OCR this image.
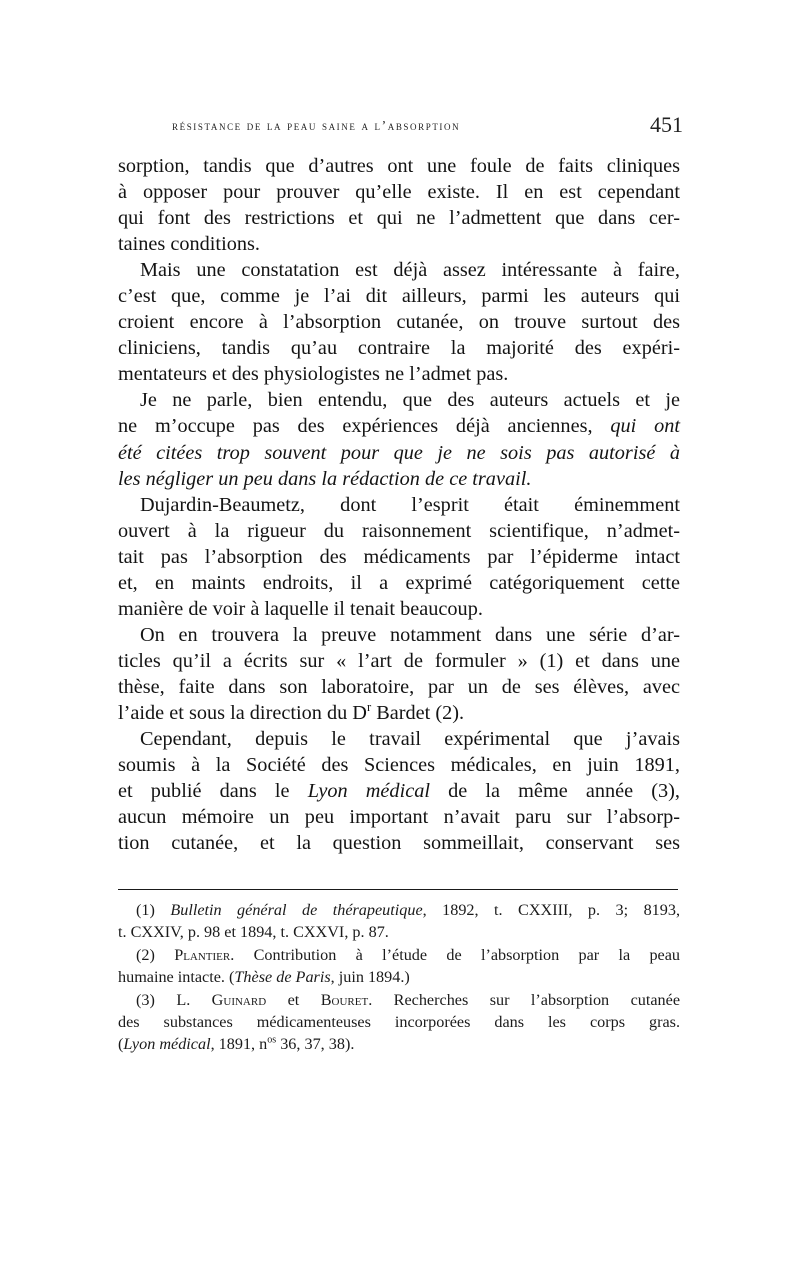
résistance de la peau saine a l’absorption	451

sorption, tandis que d’autres ont une foule de faits cliniques
à opposer pour prouver qu’elle existe. Il en est cependant
qui font des restrictions et qui ne l’admettent que dans cer-
taines conditions.

Mais une constatation est déjà assez intéressante à faire,
c’est que, comme je l’ai dit ailleurs, parmi les auteurs qui
croient encore à l’absorption cutanée, on trouve surtout des
cliniciens, tandis qu’au contraire la majorité des expéri-
mentateurs et des physiologistes ne l’admet pas.

Je ne parle, bien entendu, que des auteurs actuels et je
ne m’occupe pas des expériences déjà anciennes, qui ont
été citées trop souvent pour que je ne sois pas autorisé à
les négliger un peu dans la rédaction de ce travail.

Dujardin-Beaumetz, dont l’esprit était éminemment
ouvert à la rigueur du raisonnement scientifique, n’admet-
tait pas l’absorption des médicaments par l’épiderme intact
et, en maints endroits, il a exprimé catégoriquement cette
manière de voir à laquelle il tenait beaucoup.

On en trouvera la preuve notamment dans une série d’ar-
ticles qu’il a écrits sur « l’art de formuler » (1) et dans une
thèse, faite dans son laboratoire, par un de ses élèves, avec
l’aide et sous la direction du $D^r$ Bardet (2).

Cependant, depuis le travail expérimental que j’avais
soumis à la Société des Sciences médicales, en juin 1891,
et publié dans le Lyon médical de la même année (3),
aucun mémoire un peu important n’avait paru sur l’absorp-
tion cutanée, et la question sommeillait, conservant ses

(1) Bulletin général de thérapeutique, 1892, t. CXXIII, p. 3; 8193,
t. CXXIV, p. 98 et 1894, t. CXXVI, p. 87.
(2) Plantier. Contribution à l’étude de l’absorption par la peau
humaine intacte. (Thèse de Paris, juin 1894.)
(3) L. Guinard et Bouret. Recherches sur l’absorption cutanée
des substances médicamenteuses incorporées dans les corps gras.
(Lyon médical, 1891, $n^{os}$ 36, 37, 38).
